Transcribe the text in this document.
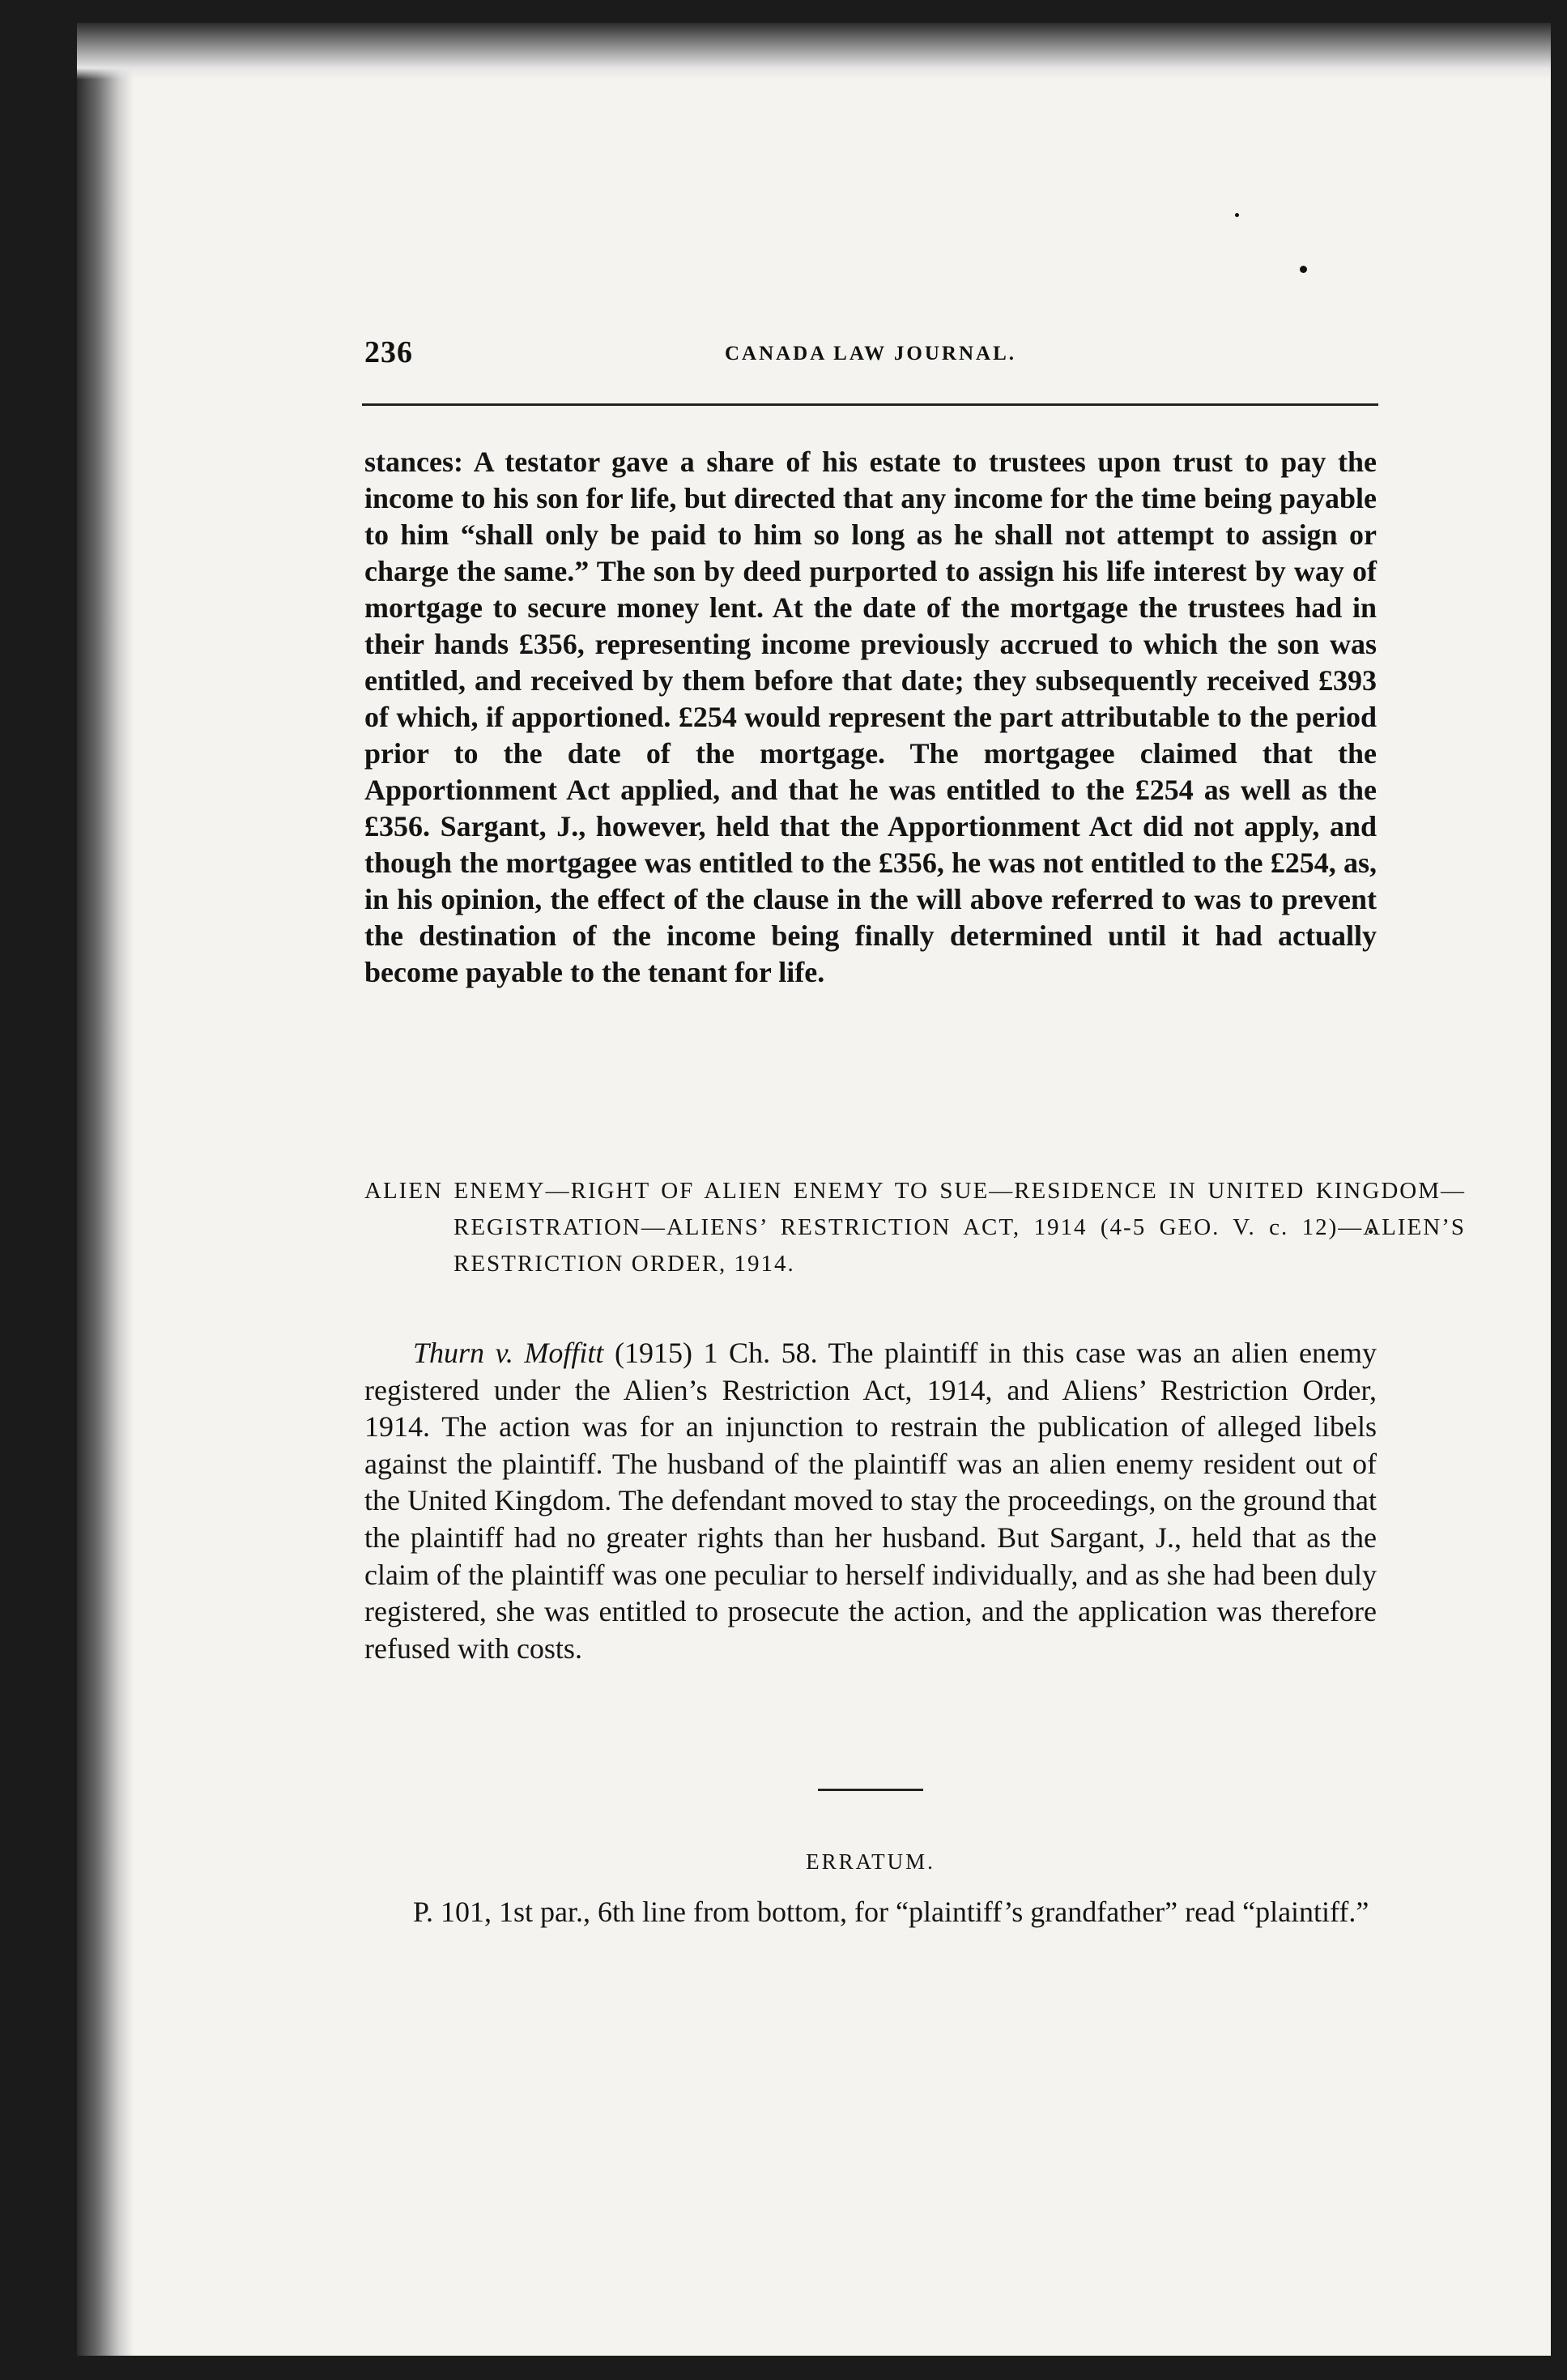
236	CANADA LAW JOURNAL.

stances: A testator gave a share of his estate to trustees upon trust to pay the income to his son for life, but directed that any income for the time being payable to him “shall only be paid to him so long as he shall not attempt to assign or charge the same.” The son by deed purported to assign his life interest by way of mortgage to secure money lent. At the date of the mortgage the trustees had in their hands £356, representing income previously accrued to which the son was entitled, and received by them before that date; they subsequently received £393 of which, if apportioned. £254 would represent the part attributable to the period prior to the date of the mortgage. The mortgagee claimed that the Apportionment Act applied, and that he was entitled to the £254 as well as the £356. Sargant, J., however, held that the Apportionment Act did not apply, and though the mortgagee was entitled to the £356, he was not entitled to the £254, as, in his opinion, the effect of the clause in the will above referred to was to prevent the destination of the income being finally determined until it had actually become payable to the tenant for life.

ALIEN ENEMY—RIGHT OF ALIEN ENEMY TO SUE—RESIDENCE IN UNITED KINGDOM—REGISTRATION—ALIENS’ RESTRICTION ACT, 1914 (4-5 GEO. V. c. 12)—ALIEN’S RESTRICTION ORDER, 1914.

Thurn v. Moffitt (1915) 1 Ch. 58. The plaintiff in this case was an alien enemy registered under the Alien’s Restriction Act, 1914, and Aliens’ Restriction Order, 1914. The action was for an injunction to restrain the publication of alleged libels against the plaintiff. The husband of the plaintiff was an alien enemy resident out of the United Kingdom. The defendant moved to stay the proceedings, on the ground that the plaintiff had no greater rights than her husband. But Sargant, J., held that as the claim of the plaintiff was one peculiar to herself individually, and as she had been duly registered, she was entitled to prosecute the action, and the application was therefore refused with costs.

ERRATUM.

P. 101, 1st par., 6th line from bottom, for “plaintiff’s grandfather” read “plaintiff.”
